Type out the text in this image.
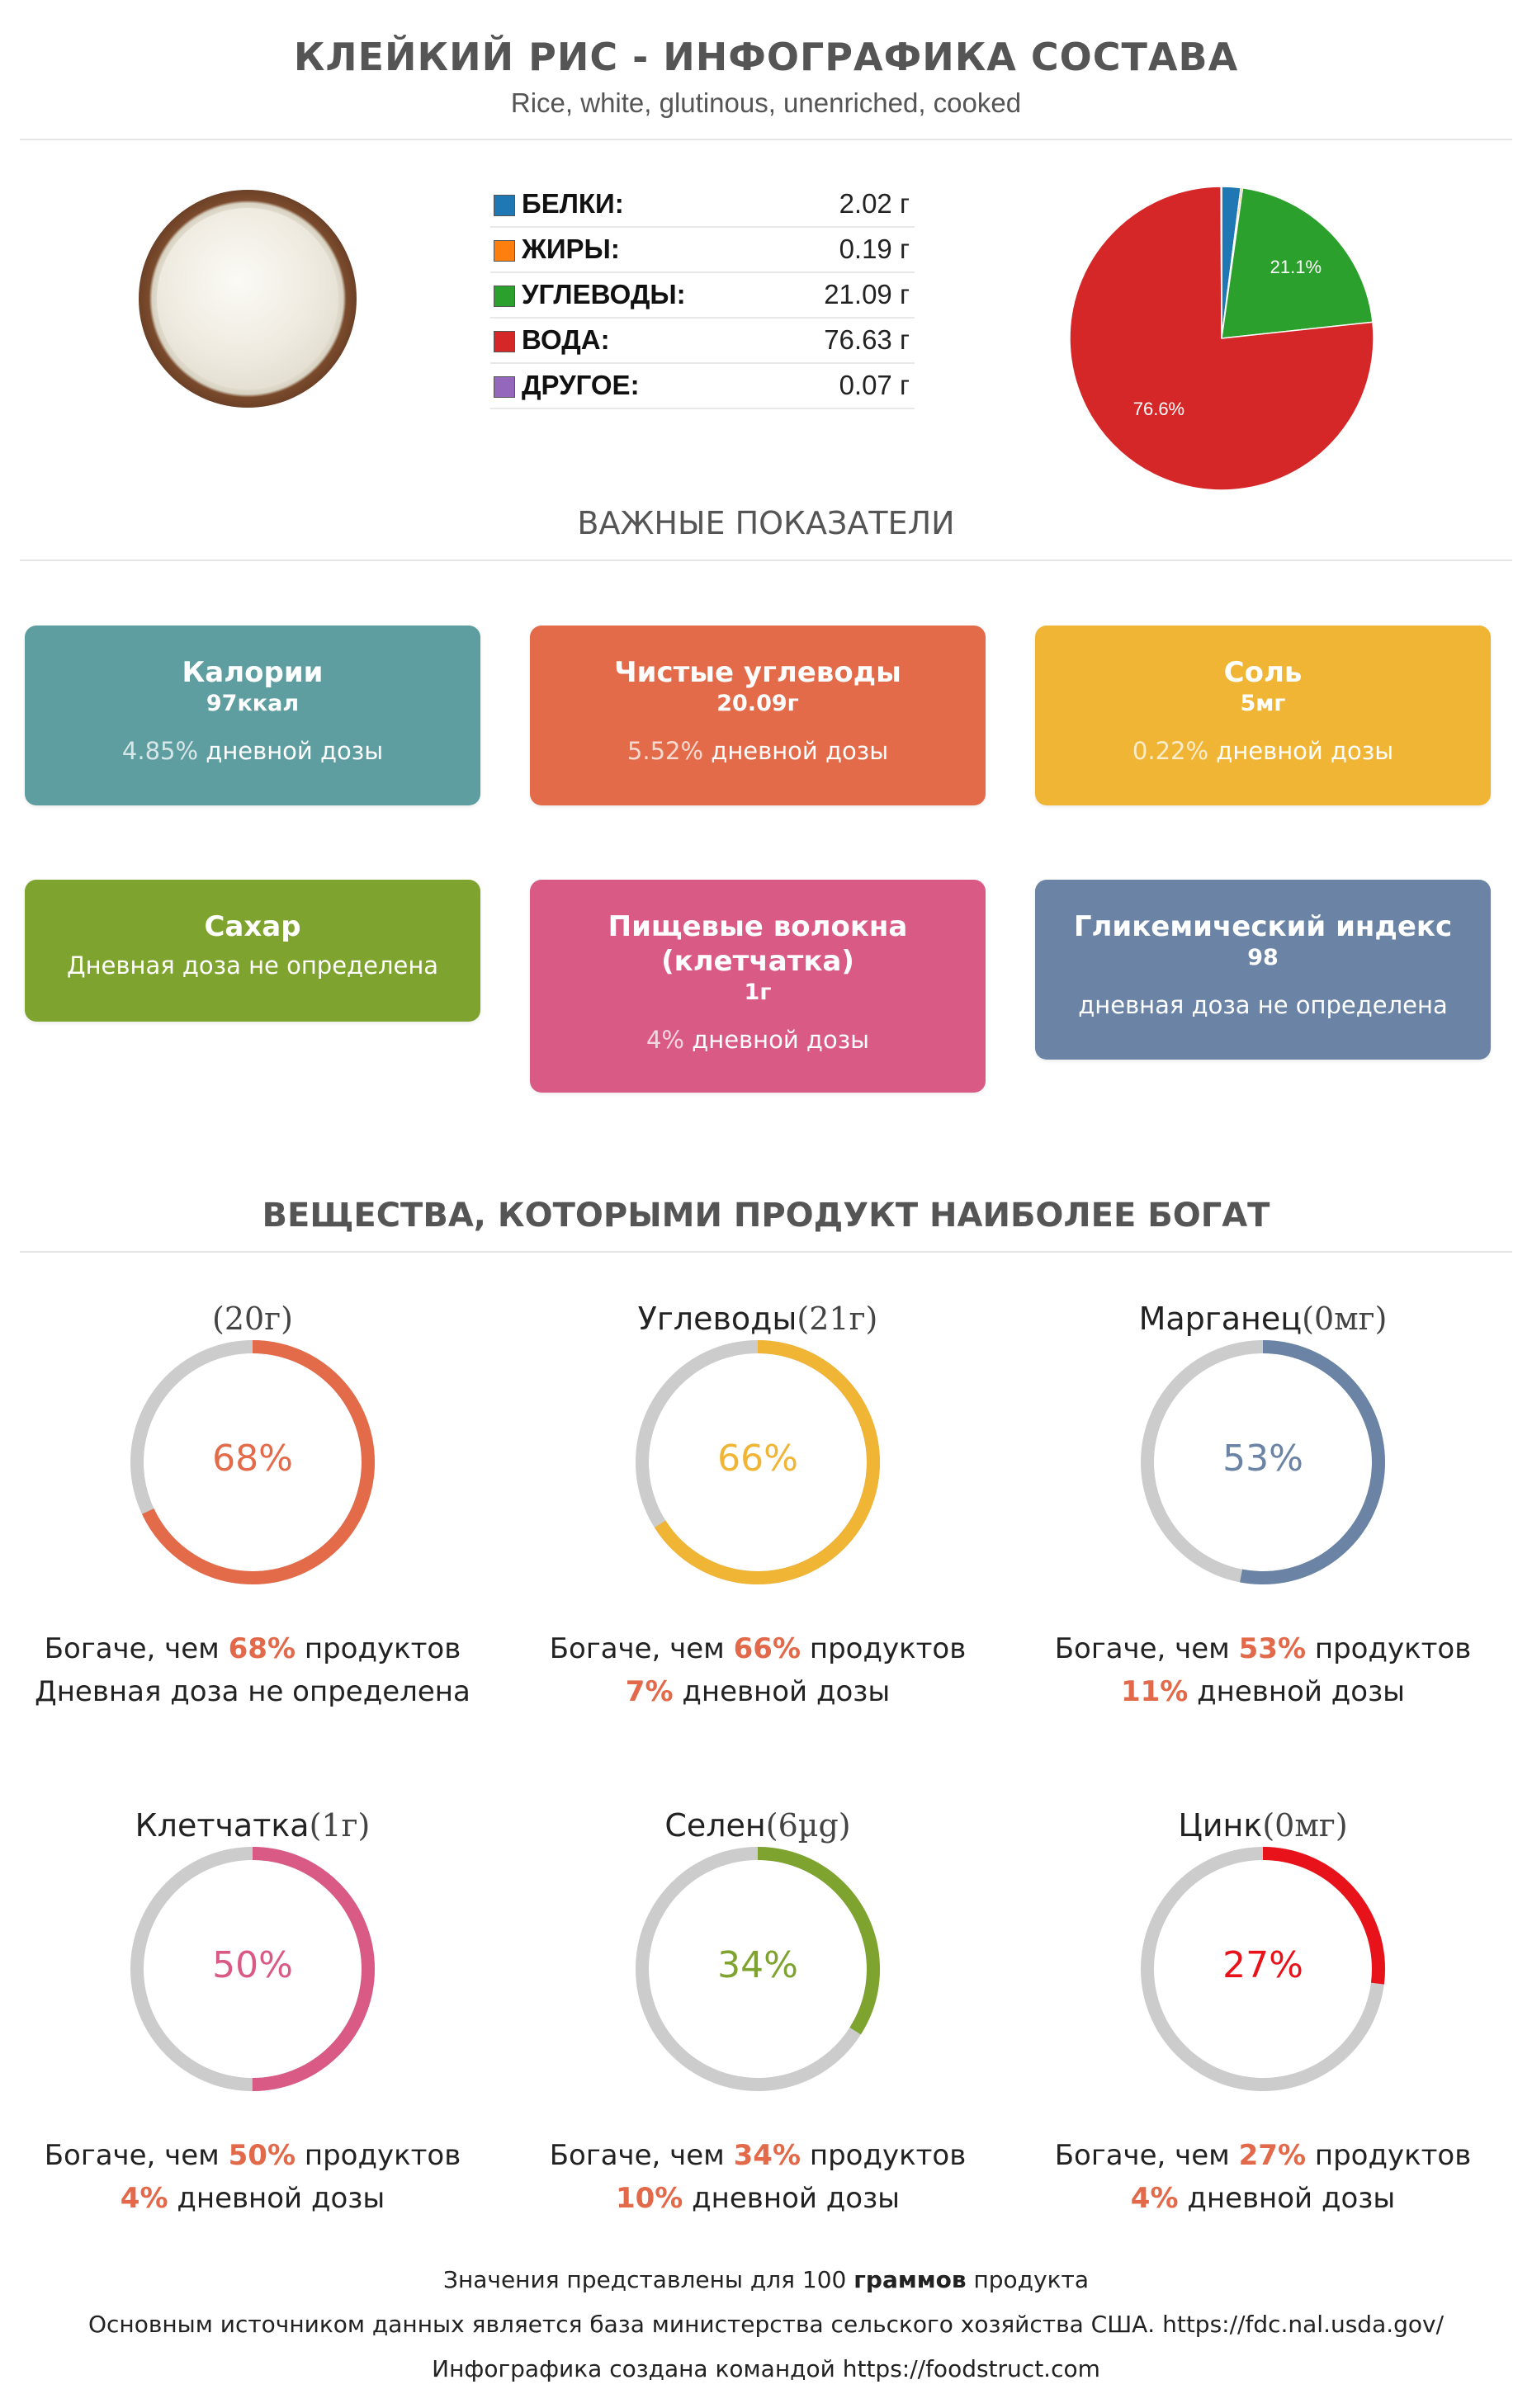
КЛЕЙКИЙ РИС - ИНФОГРАФИКА СОСТАВА
Rice, white, glutinous, unenriched, cooked
БЕЛКИ:	2.02 г
ЖИРЫ:	0.19 г
УГЛЕВОДЫ:	21.09 г
ВОДА:	76.63 г
ДРУГОЕ:	0.07 г
21.1%
76.6%
ВАЖНЫЕ ПОКАЗАТЕЛИ
Калории
97ккал
4.85% дневной дозы
Чистые углеводы
20.09г
5.52% дневной дозы
Соль
5мг
0.22% дневной дозы
Сахар
Дневная доза не определена
Пищевые волокна (клетчатка)
1г
4% дневной дозы
Гликемический индекс
98
дневная доза не определена
ВЕЩЕСТВА, КОТОРЫМИ ПРОДУКТ НАИБОЛЕЕ БОГАТ
(20г)
68%
Богаче, чем 68% продуктов
Дневная доза не определена
Углеводы(21г)
66%
Богаче, чем 66% продуктов
7% дневной дозы
Марганец(0мг)
53%
Богаче, чем 53% продуктов
11% дневной дозы
Клетчатка(1г)
50%
Богаче, чем 50% продуктов
4% дневной дозы
Селен(6µg)
34%
Богаче, чем 34% продуктов
10% дневной дозы
Цинк(0мг)
27%
Богаче, чем 27% продуктов
4% дневной дозы
Значения представлены для 100 граммов продукта
Основным источником данных является база министерства сельского хозяйства США. https://fdc.nal.usda.gov/
Инфографика создана командой https://foodstruct.com
